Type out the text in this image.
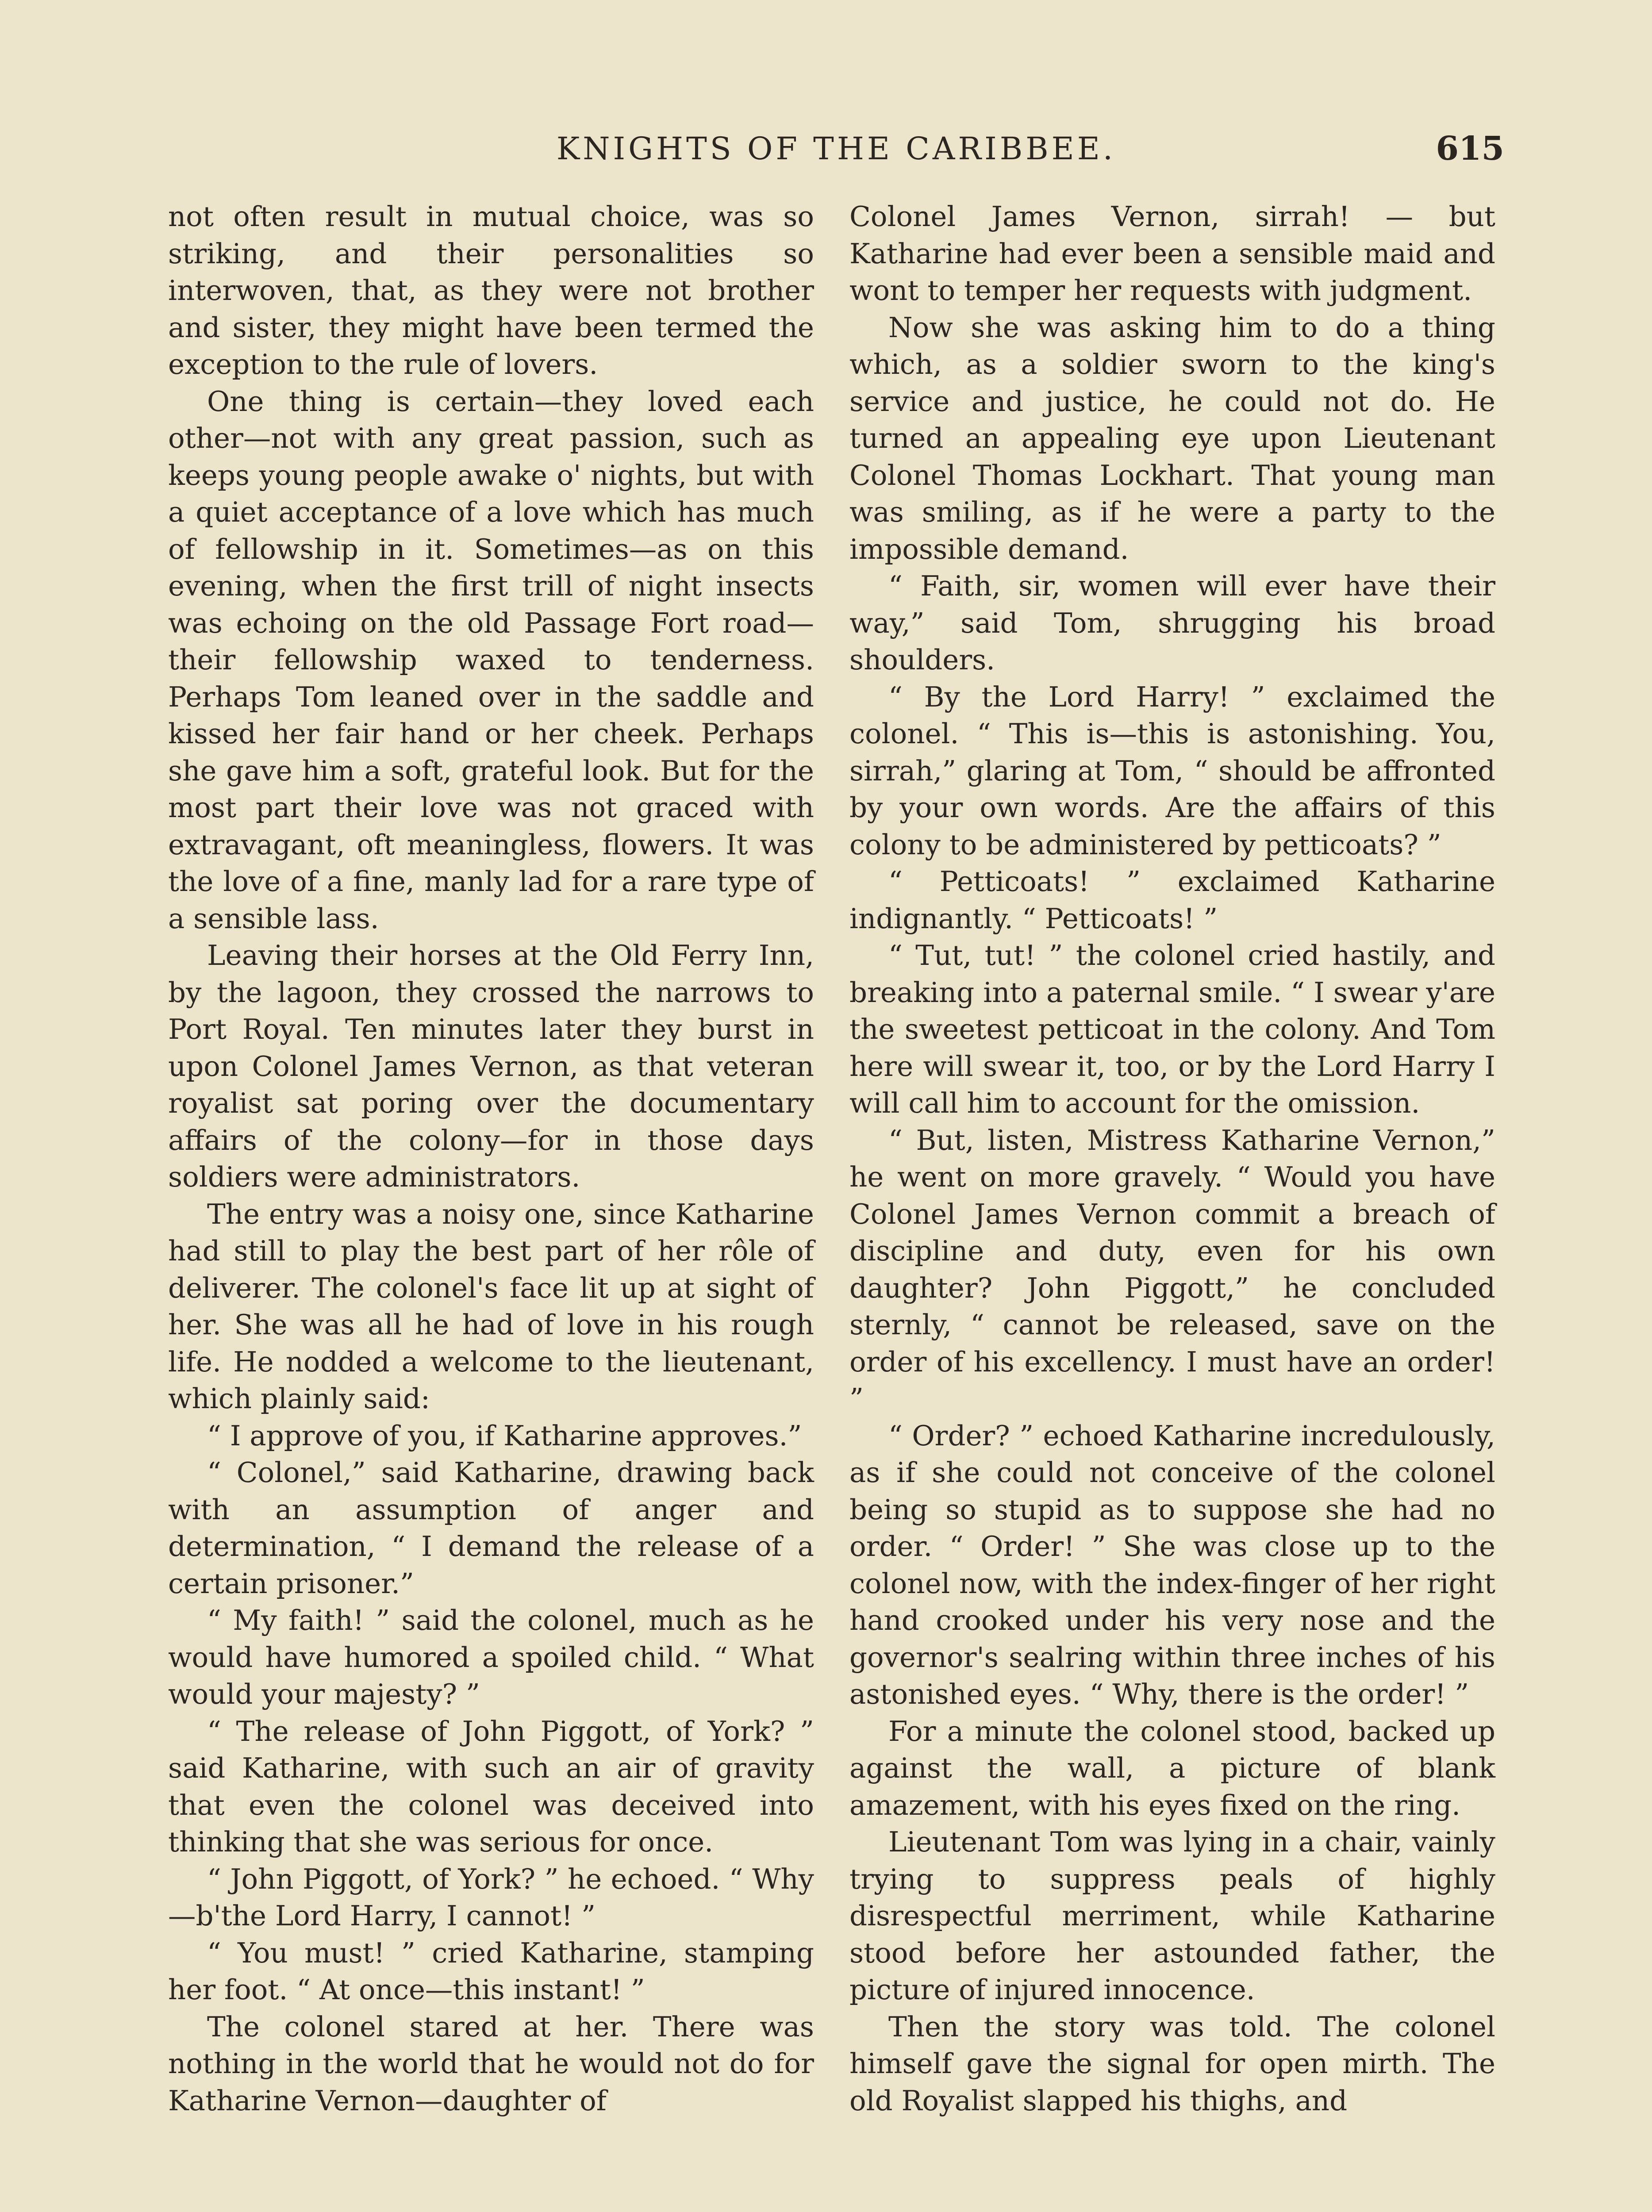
KNIGHTS OF THE CARIBBEE.	615

not often result in mutual choice, was so striking, and their personalities so interwoven, that, as they were not brother and sister, they might have been termed the exception to the rule of lovers.

One thing is certain—they loved each other—not with any great passion, such as keeps young people awake o' nights, but with a quiet acceptance of a love which has much of fellowship in it. Sometimes—as on this evening, when the first trill of night insects was echoing on the old Passage Fort road—their fellowship waxed to tenderness. Perhaps Tom leaned over in the saddle and kissed her fair hand or her cheek. Perhaps she gave him a soft, grateful look. But for the most part their love was not graced with extravagant, oft meaningless, flowers. It was the love of a fine, manly lad for a rare type of a sensible lass.

Leaving their horses at the Old Ferry Inn, by the lagoon, they crossed the narrows to Port Royal. Ten minutes later they burst in upon Colonel James Vernon, as that veteran royalist sat poring over the documentary affairs of the colony—for in those days soldiers were administrators.

The entry was a noisy one, since Katharine had still to play the best part of her rôle of deliverer. The colonel's face lit up at sight of her. She was all he had of love in his rough life. He nodded a welcome to the lieutenant, which plainly said:

“ I approve of you, if Katharine approves.”

“ Colonel,” said Katharine, drawing back with an assumption of anger and determination, “ I demand the release of a certain prisoner.”

“ My faith! ” said the colonel, much as he would have humored a spoiled child. “ What would your majesty? ”

“ The release of John Piggott, of York? ” said Katharine, with such an air of gravity that even the colonel was deceived into thinking that she was serious for once.

“ John Piggott, of York? ” he echoed. “ Why—b'the Lord Harry, I cannot! ”

“ You must! ” cried Katharine, stamping her foot. “ At once—this instant! ”

The colonel stared at her. There was nothing in the world that he would not do for Katharine Vernon—daughter of

Colonel James Vernon, sirrah! — but Katharine had ever been a sensible maid and wont to temper her requests with judgment.

Now she was asking him to do a thing which, as a soldier sworn to the king's service and justice, he could not do. He turned an appealing eye upon Lieutenant Colonel Thomas Lockhart. That young man was smiling, as if he were a party to the impossible demand.

“ Faith, sir, women will ever have their way,” said Tom, shrugging his broad shoulders.

“ By the Lord Harry! ” exclaimed the colonel. “ This is—this is astonishing. You, sirrah,” glaring at Tom, “ should be affronted by your own words. Are the affairs of this colony to be administered by petticoats? ”

“ Petticoats! ” exclaimed Katharine indignantly. “ Petticoats! ”

“ Tut, tut! ” the colonel cried hastily, and breaking into a paternal smile. “ I swear y'are the sweetest petticoat in the colony. And Tom here will swear it, too, or by the Lord Harry I will call him to account for the omission.

“ But, listen, Mistress Katharine Vernon,” he went on more gravely. “ Would you have Colonel James Vernon commit a breach of discipline and duty, even for his own daughter? John Piggott,” he concluded sternly, “ cannot be released, save on the order of his excellency. I must have an order! ”

“ Order? ” echoed Katharine incredulously, as if she could not conceive of the colonel being so stupid as to suppose she had no order. “ Order! ” She was close up to the colonel now, with the index-finger of her right hand crooked under his very nose and the governor's sealring within three inches of his astonished eyes. “ Why, there is the order! ”

For a minute the colonel stood, backed up against the wall, a picture of blank amazement, with his eyes fixed on the ring.

Lieutenant Tom was lying in a chair, vainly trying to suppress peals of highly disrespectful merriment, while Katharine stood before her astounded father, the picture of injured innocence.

Then the story was told. The colonel himself gave the signal for open mirth. The old Royalist slapped his thighs, and
